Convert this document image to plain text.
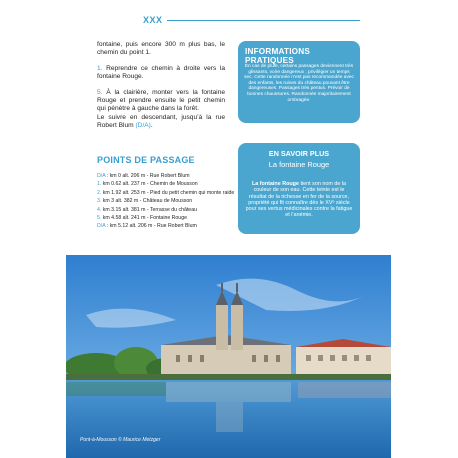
XXX

fontaine, puis encore 300 m plus bas, le chemin du point 1.

1. Reprendre ce chemin à droite vers la fontaine Rouge.

5. À la clairière, monter vers la fontaine Rouge et prendre ensuite le petit chemin qui pénètre à gauche dans la forêt.
Le suivre en descendant, jusqu’à la rue Robert Blum (D/A).

POINTS DE PASSAGE
D/A : km 0 alt. 206 m - Rue Robert Blum
1. km 0.62 alt. 237 m - Chemin de Mousson
2. km 1.92 alt. 253 m - Pied du petit chemin qui monte raide
3. km 3 alt. 382 m - Château de Mousson
4. km 3.15 alt. 381 m - Terrasse du château
5. km 4.58 alt. 241 m - Fontaine Rouge
D/A : km 5.12 alt. 206 m - Rue Robert Blum
INFORMATIONS PRATIQUES
En cas de pluie, certains passages deviennent très glissants, voire dangereux ; privilégier un temps sec. Cette randonnée n’est pas recommandée avec des enfants, les ruines du château pouvant être dangereuses. Passages très pentus. Prévoir de bonnes chaussures. Randonnée majoritairement ombragée.
EN SAVOIR PLUS
La fontaine Rouge
La fontaine Rouge tient son nom de la couleur de son eau. Cette teinte est le résultat de la richesse en fer de la source, propriété qui fit connaître dès le XVᵉ siècle pour ses vertus médicinales contre la fatigue et l’anémie.
Pont-à-Mousson © Maurice Metzger
